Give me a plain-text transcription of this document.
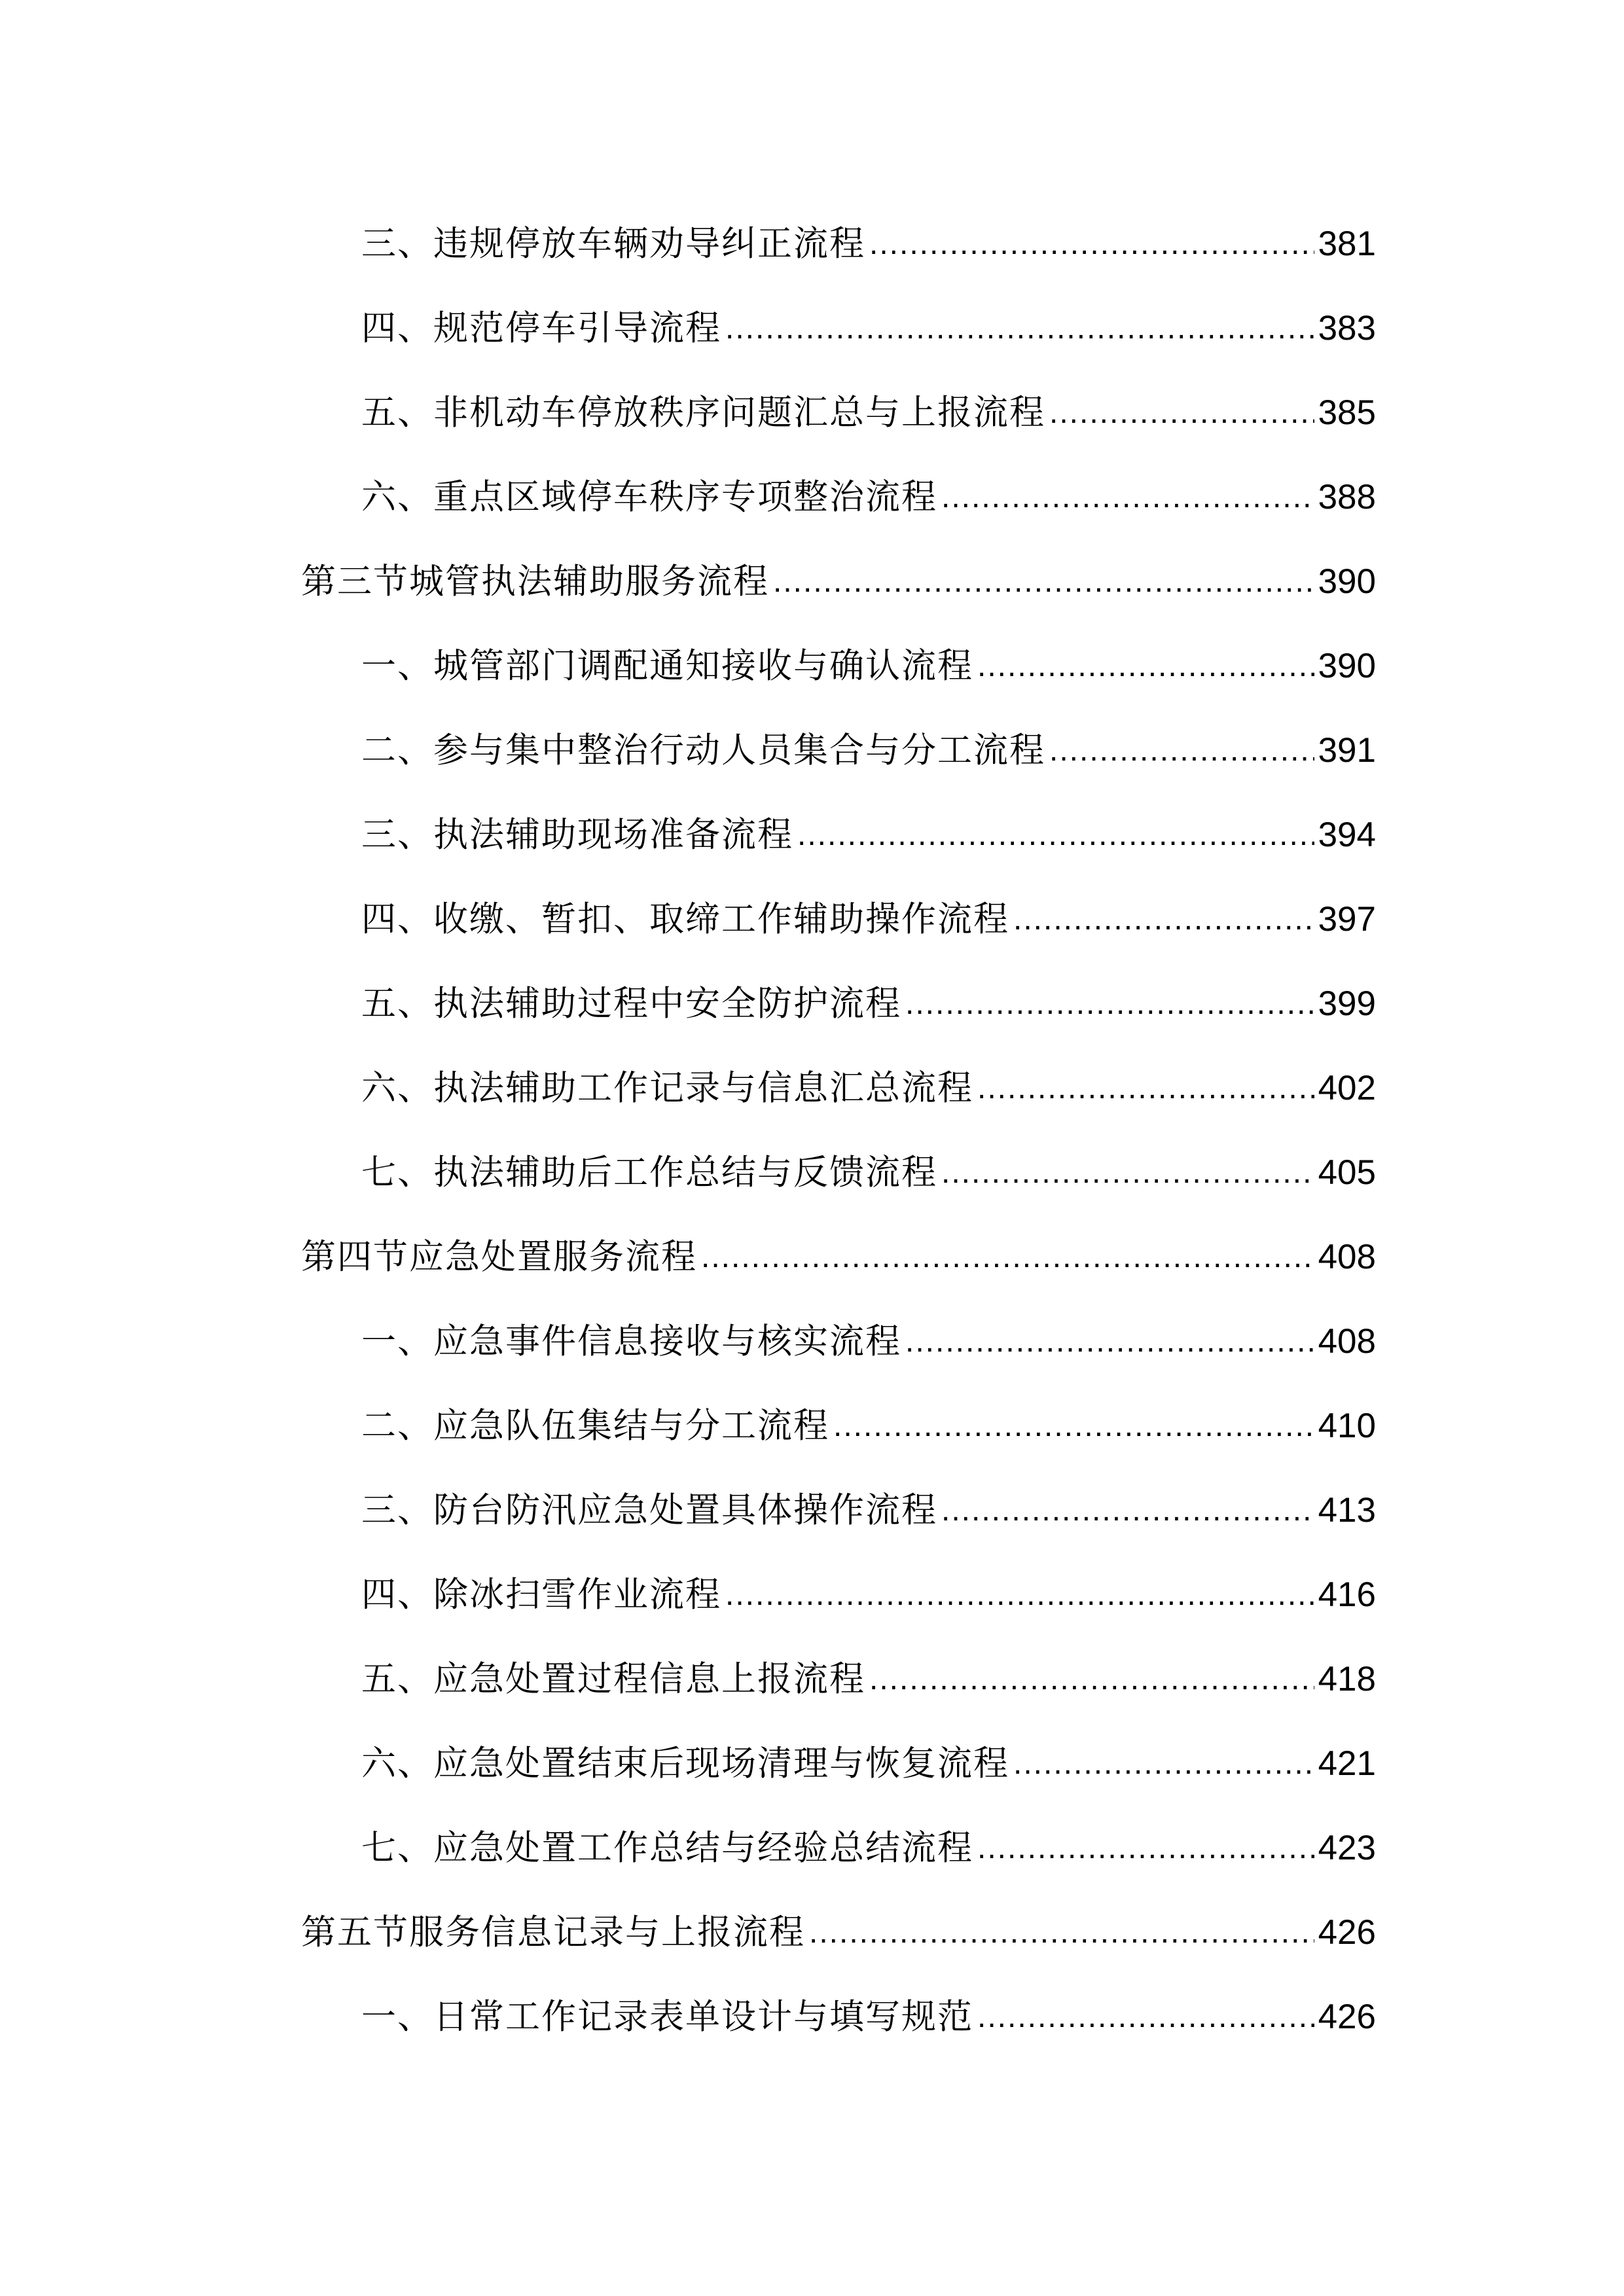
三、违规停放车辆劝导纠正流程 .....	381
四、规范停车引导流程 .....	383
五、非机动车停放秩序问题汇总与上报流程 .....	385
六、重点区域停车秩序专项整治流程 .....	388
第三节城管执法辅助服务流程 .....	390
一、城管部门调配通知接收与确认流程 .....	390
二、参与集中整治行动人员集合与分工流程 .....	391
三、执法辅助现场准备流程 .....	394
四、收缴、暂扣、取缔工作辅助操作流程 .....	397
五、执法辅助过程中安全防护流程 .....	399
六、执法辅助工作记录与信息汇总流程 .....	402
七、执法辅助后工作总结与反馈流程 .....	405
第四节应急处置服务流程 .....	408
一、应急事件信息接收与核实流程 .....	408
二、应急队伍集结与分工流程 .....	410
三、防台防汛应急处置具体操作流程 .....	413
四、除冰扫雪作业流程 .....	416
五、应急处置过程信息上报流程 .....	418
六、应急处置结束后现场清理与恢复流程 .....	421
七、应急处置工作总结与经验总结流程 .....	423
第五节服务信息记录与上报流程 .....	426
一、日常工作记录表单设计与填写规范 .....	426
